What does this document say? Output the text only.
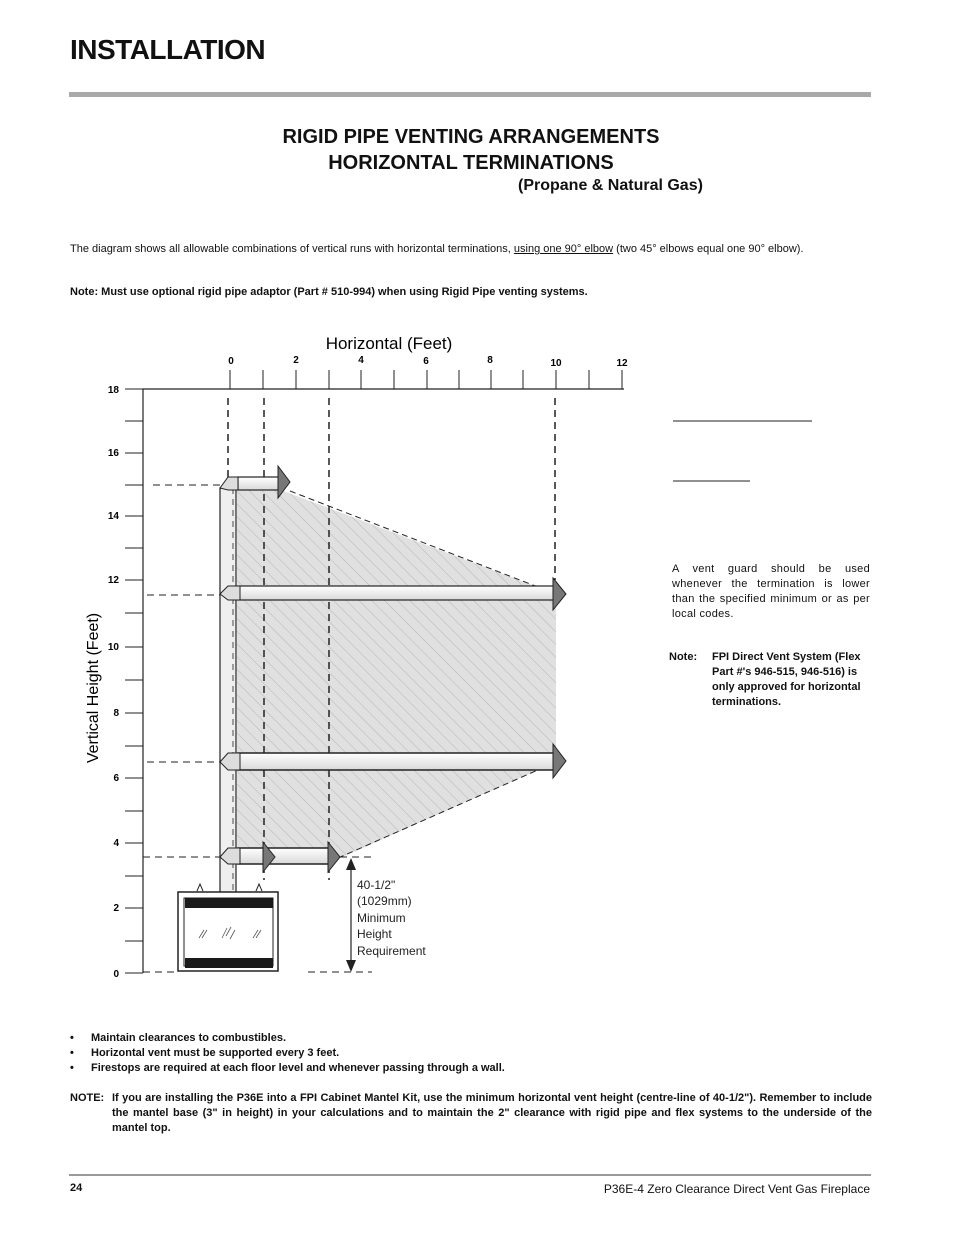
INSTALLATION
RIGID PIPE VENTING ARRANGEMENTS
HORIZONTAL TERMINATIONS
(Propane & Natural Gas)
The diagram shows all allowable combinations of vertical runs with horizontal terminations, using one 90° elbow (two 45° elbows equal one 90° elbow).
Note: Must use optional rigid pipe adaptor (Part # 510-994) when using Rigid Pipe venting systems.
Horizontal (Feet)
Vertical Height (Feet)
0	2	4	6	8	10	12
18
16
14
12
10
8
6
4
2
0
40-1/2"
(1029mm)
Minimum
Height
Requirement
A vent guard should be used whenever the termination is lower than the specified minimum or as per local codes.
Note: FPI Direct Vent System (Flex Part #'s 946-515, 946-516) is only approved for horizontal terminations.
• Maintain clearances to combustibles.
• Horizontal vent must be supported every 3 feet.
• Firestops are required at each floor level and whenever passing through a wall.
NOTE: If you are installing the P36E into a FPI Cabinet Mantel Kit, use the minimum horizontal vent height (centre-line of 40-1/2"). Remember to include the mantel base (3" in height) in your calculations and to maintain the 2" clearance with rigid pipe and flex systems to the underside of the mantel top.
24	P36E-4 Zero Clearance Direct Vent Gas Fireplace
